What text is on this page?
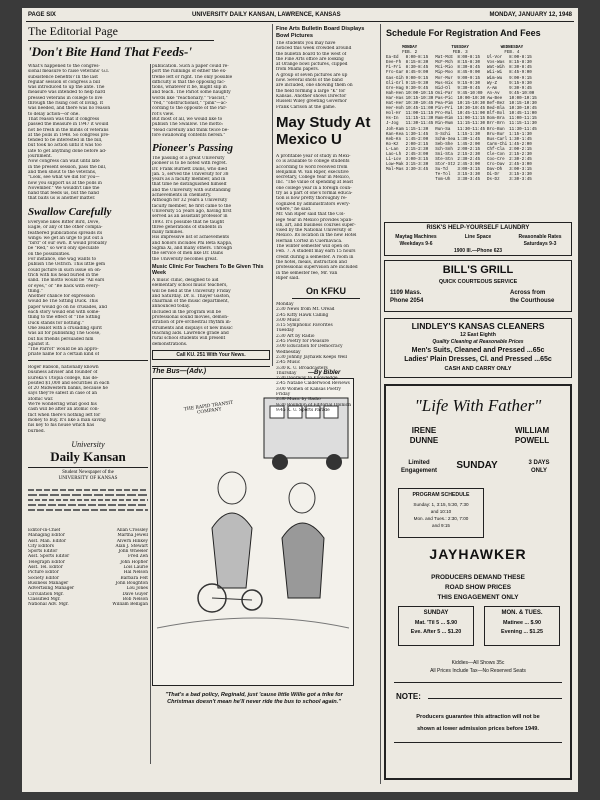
PAGE SIX	UNIVERSITY DAILY KANSAN, LAWRENCE, KANSAS	MONDAY, JANUARY 12, 1948
The Editorial Page
'Don't Bite Hand That Feeds-'
What's happened to the congres-
sional measure to raise veterans' G.I.
subsistence benefits? In the last
regular session of congress a bill
was introduced to up the ante. The
measure was intended to help hard
pressed veterans in college to live
through the rising cost of living. It
was needed, and there was no reason
to delay action—or one.
That reason was that if congress
passed the measure in 1947 it would
not be fresh in the minds of veterans
at the polls in 1948. So congress pre-
tended to be interested in the bill,
but took no action until it was too
late to get anything done before ad-
journment.
Now congress can wait until late
in the present session, pass the bill,
and then shout to the veterans,
"Look, see what we did for you—
now you support us at the polls in
November." We wouldn't like the
hand that feeds us, but the hand
that baits us is another matter.
publication. Such a paper could re-
port the runnings of either the ex-
treme left or right. The only possible
difficulty is that the opposing fac-
tions, whatever it be, might slip in
and teach. The Pariot some naughty
words like "reactionary," "Fascist,"
"red," "obstructionist," "pink"—ac-
cording to the opposite of the Par-
rot's view.
But most of all, we would like to
publish The Swallow. The motto:
"Read carefully and think twice be-
fore swallowing contents herein."
Swallow Carefully
Everyone likes Bitter Bird, Dove,
Eagle, or any of the other compla-
feathered publications spreads its
wings: we get an urge to put out a
"bird" of our own. It would probably
be "Red," so we'll only speculate
on the possibilities.
For instance, one wag wants to
publish The Ostrich. This little gem
could picture in such issue on on-
trich with his head buried in the
sand. The motto would be "All ears
or eyes," or "Be back with every-
thing."
Another chance for expression
would be The Sitting Duck. This
paper would go on no crusades, and
each story would end with some-
thing to the effect of "The Sitting
Duck stands for nothing."
One zealot with a crusading spirit
was all for publishing The Goose,
but his friends persuaded him
against it.
"The Parrot" would be an appro-
priate name for a certain kind of
Pioneer's Passing
The passing of a great University
pioneer is to be noted with regret.
Dr. Frank Burnett Dains, who died
Jan. 5, served the University for 38
years as a faculty member, and in
that time he distinguished himself
and the University with outstanding
achievements in chemistry.
Although for 32 years a University
faculty member, he first came to the
University 55 years ago, having first
served as an assistant professor in
1893. It's possible that he taught
three generations of students in
many families.
His impressive list of achievements
and honors includes Phi Beta Kappa,
Sigma Xi, and many others. Through
the service of men like Dr. Dains
the University becomes great.
Music Clinic For Teachers To Be Given This Week
A music clinic, designed to aid
elementary school music teachers,
will be held at the University Friday
and Saturday. Dr. E. Thayer Gaston,
chairman of the music department,
announced today.
Included in the program will be
professional sound movies, demon-
stration of pre-orchestral rhythm in-
struments and displays of new music
teaching aids. Lawrence grade and
rural school students will present
demonstrations.
Call KU. 251 With Your News.
Roger Babson, nationally known
business adviser and founder of
Eureka's Utopia college, has de-
posited $1,000 and securities in each
of 20 Midwestern banks, because he
says they're safest in case of an
atomic war.
We're wondering what good his
cash will be after an atomic con-
flict when there's nothing left for
money to buy. It's like a man saving
his key to his house which has
burned.
University
Daily Kansan
Student Newspaper of the
UNIVERSITY OF KANSAS
Editor-in-Chief	Allan Crossley
Managing Editor	Martha Jewell
Asst. Man. Editor	Alvern Hinkey
City Editors	Alan J. Stewart
Sports Editor	John Wheeler
Asst. Sports Editor	Fred Zeh
Telegraph Editor	John Hopfler
Asst. Tel. Editor	Lois Laurie
Picture Editor	Hal Nelson
Society Editor	Barbara Felt
Business Manager	John Boughton
Advertising Manager	Lou Jones
Circulation Mgr.	Dave Guyer
Classified Mgr.	Bob Nelson
National Adv. Mgr.	William Belligan
The Bus—(Adv.)	—By Bibler
THE RAPID TRANSIT COMPANY
"That's a bad policy, Reginald, just 'cause little Willie got a trike for Christmas doesn't mean he'll never ride the bus to school again."
Fine Arts Bulletin Board Displays Bowl Pictures
The students you may have
noticed this week crowded around
the bulletin board to the west of
the Fine Arts office are looking
at Orange bowl pictures, clipped
from Miami papers.
A group of seven pictures are up
now. Several shots of the band
are included, one showing them on
the field forming a large "K" for
Kansas. Another shows Director
Russell Wiley greeting Governor
Frank Carlson at the game.
May Study At Mexico U
A profitable year of study in Mexi-
co is available to college students
according to word received from
Benjamin W. Van Riper, executive
secretary, College Year in Mexico,
Inc. "The value of spending at least
one college year in a foreign coun-
try as a part of one's formal educa-
tion is now pretty thoroughly re-
cognized by administrators every-
where," he said.
Mr. Van Riper said that the Col-
lege Year in Mexico provides Span-
ish, art, and business courses super-
vised by the National University of
Mexico. Its location in the new Hotel
Hernan Cortez in Cuernavaca.
The winter semester will open on
Feb. 7. A student may earn 15 hours
credit during a semester. A room in
the hotel, meals, instruction and
professional supervision are included
in the semester fee, Mr. Van
Riper said.
On KFKU
Monday
2:30 News from Mt. Oread
2:45 Kitty Hawk Calling
3:00 Music
3:15 Symphonic Favorites
Tuesday
2:30 Art by Radio
2:45 Poetry for Pleasure
3:00 Education for Democracy
Wednesday
2:30 Johnny Jayhawk Keeps Well
2:45 Music
3:30 K. U. Broadcasters
Thursday
2:30 Doorway to Knowledge
2:45 Natalie Calderwood Reviews
3:00 Women of Kansas Poetry
Friday
2:30 Music by Radio
9:30 Roundup of Editorial Opinion
9:45 K. U. Sports Parade
Schedule For Registration And Fees
MONDAY		TUESDAY		WEDNESDAY	
FEB. 2		FEB. 3		FEB. 4	
Ea-Ed	8:00-8:15	Mat-McE	8:00-8:15	Ul-Vor	8:00-8:15
Eee-Fh	8:15-8:30	McF-Mch	8:15-8:30	Vos-Was	8:15-8:30
Fi-Fri	8:30-8:45	Mci-Mio	8:30-8:45	Wat-Wih	8:30-8:45
Fro-Gar	8:45-9:00	Mip-Moo	8:45-9:00	Wii-Wi	8:45-9:00
Gas-Gih	9:00-9:15	Mor-Mur	9:00-9:15	Wim-Wu	9:00-9:15
Gli-Grl	9:15-9:30	Mus-Nix	9:15-9:30	Wy-Z	9:15-9:30
Gre-Hag	9:30-9:45	Nid-Ol	9:30-9:45	A-Am	9:30-9:45
Hah-Hen	10:00-10:15	Oni-Par	9:45-10:00	An-Av	9:45-10:00
Har-Has	10:15-10:30	Pas-Pic	10:00-10:30	Aw-Bee	10:00-10:15
Hat-Her	10:30-10:45	Pea-Pim	10:15-10:30	Bef-Bez	10:15-10:30
Her-Hoh	10:45-11:00	Pin-Pri	10:30-10:45	Bed-Bla	10:30-10:45
Hol-Hr	11:00-11:15	Pro-Ral	10:45-11:00	Blf-Bol	10:45-11:00
Hs-In	11:15-11:30	Ram-Rim	11:00-11:15	Bom-Bra	11:00-11:15
J-Jog	11:30-11:45	Rin-Rum	11:15-11:30	Brr-Brn	11:15-11:30
Joh-Kam	1:15-1:30	Run-Sa	11:30-11:45	Bro-Bun	11:30-11:45
Kan-Kea	1:30-1:45	S-Schi	1:15-1:30	Bru-Bur	1:15-1:30
Keb-Kn	1:45-2:00	Schm-Sea	1:30-1:45	Bus-Carl	1:30-1:45
Ko-Kz	2:00-2:15	Seb-She	1:45-2:00	Carm-Chi	1:45-2:00
L-Lan	2:15-2:30	Sch-Snh	2:00-2:15	Chf-Cla	2:00-2:15
Lao-Lh	2:45-3:00	Sni-Sta	2:15-2:30	Cle-Con	2:15-2:30
Li-Lov	3:00-3:15	Ste-Stn	2:30-2:45	Coo-Cre	2:30-2:45
Low-Mak	3:15-3:30	Stor-Stz	2:45-3:00	Cro-Dav	2:45-3:00
Mal-Mas	3:30-3:45	Su-Td	3:00-3:15	Dav-Dh	3:00-3:15
		Te-Tol	3:15-3:30	Di-Dr	3:15-3:30
		Tom-Uh	3:30-3:45	Ds-Dz	3:30-3:45
RISK'S HELP-YOURSELF LAUNDRY
Maytag Machines
Weekdays 9-6
Line Space
1900 III.—Phone 623
Reasonable Rates
Saturdays 9-3
BILL'S GRILL
QUICK COURTEOUS SERVICE
1109 Mass.
Phone 2054
Across from
the Courthouse
LINDLEY'S KANSAS CLEANERS
12 East Eighth
Quality Cleaning at Reasonable Prices
Men's Suits, Cleaned and Pressed ...65c
Ladies' Plain Dresses, Cl. and Pressed ...65c
CASH AND CARRY ONLY
"Life With Father"
IRENE
DUNNE
WILLIAM
POWELL
Limited
Engagement	SUNDAY	3 DAYS
ONLY
PROGRAM SCHEDULE
Sunday: 1, 3:15, 5:30, 7:30
and 10:10
Mon. and Tues.: 2:30, 7:00
and 9:15
JAYHAWKER
PRODUCERS DEMAND THESE
ROAD SHOW PRICES
THIS ENGAGEMENT ONLY
SUNDAY
Mat. 'Til 5 ... $.90
Eve. After 5 ... $1.20
MON. & TUES.
Matinee ... $.90
Evening ... $1.25
Kiddies—All Shows 35c
All Prices Include Tax—No Reserved Seats
NOTE:
Producers guarantee this attraction will not be
shown at lower admission prices before 1949.
